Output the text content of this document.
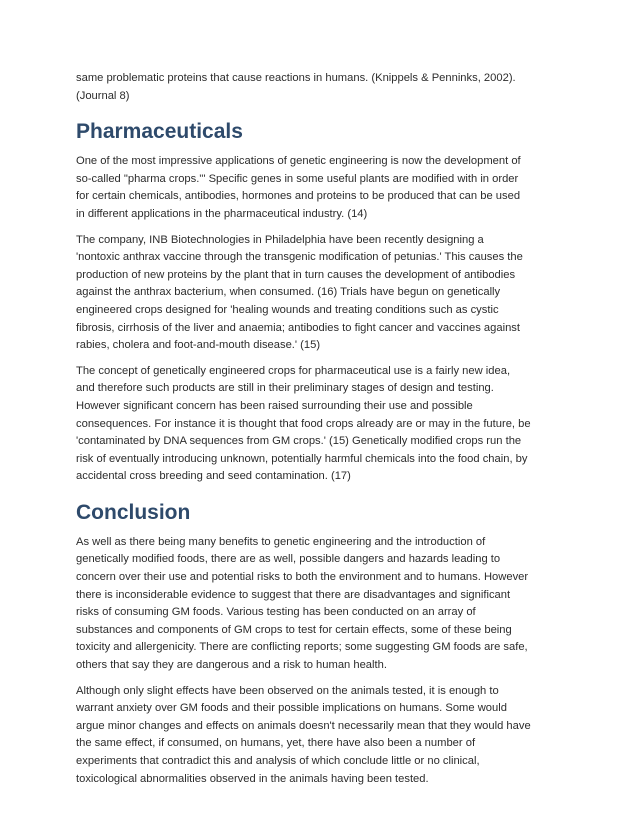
same problematic proteins that cause reactions in humans. (Knippels & Penninks, 2002).
(Journal 8)

Pharmaceuticals

One of the most impressive applications of genetic engineering is now the development of
so-called "pharma crops."' Specific genes in some useful plants are modified with in order
for certain chemicals, antibodies, hormones and proteins to be produced that can be used
in different applications in the pharmaceutical industry. (14)

The company, INB Biotechnologies in Philadelphia have been recently designing a
'nontoxic anthrax vaccine through the transgenic modification of petunias.' This causes the
production of new proteins by the plant that in turn causes the development of antibodies
against the anthrax bacterium, when consumed. (16) Trials have begun on genetically
engineered crops designed for 'healing wounds and treating conditions such as cystic
fibrosis, cirrhosis of the liver and anaemia; antibodies to fight cancer and vaccines against
rabies, cholera and foot-and-mouth disease.' (15)

The concept of genetically engineered crops for pharmaceutical use is a fairly new idea,
and therefore such products are still in their preliminary stages of design and testing.
However significant concern has been raised surrounding their use and possible
consequences. For instance it is thought that food crops already are or may in the future, be
'contaminated by DNA sequences from GM crops.' (15) Genetically modified crops run the
risk of eventually introducing unknown, potentially harmful chemicals into the food chain, by
accidental cross breeding and seed contamination. (17)

Conclusion

As well as there being many benefits to genetic engineering and the introduction of
genetically modified foods, there are as well, possible dangers and hazards leading to
concern over their use and potential risks to both the environment and to humans. However
there is inconsiderable evidence to suggest that there are disadvantages and significant
risks of consuming GM foods. Various testing has been conducted on an array of
substances and components of GM crops to test for certain effects, some of these being
toxicity and allergenicity. There are conflicting reports; some suggesting GM foods are safe,
others that say they are dangerous and a risk to human health.

Although only slight effects have been observed on the animals tested, it is enough to
warrant anxiety over GM foods and their possible implications on humans. Some would
argue minor changes and effects on animals doesn't necessarily mean that they would have
the same effect, if consumed, on humans, yet, there have also been a number of
experiments that contradict this and analysis of which conclude little or no clinical,
toxicological abnormalities observed in the animals having been tested.
